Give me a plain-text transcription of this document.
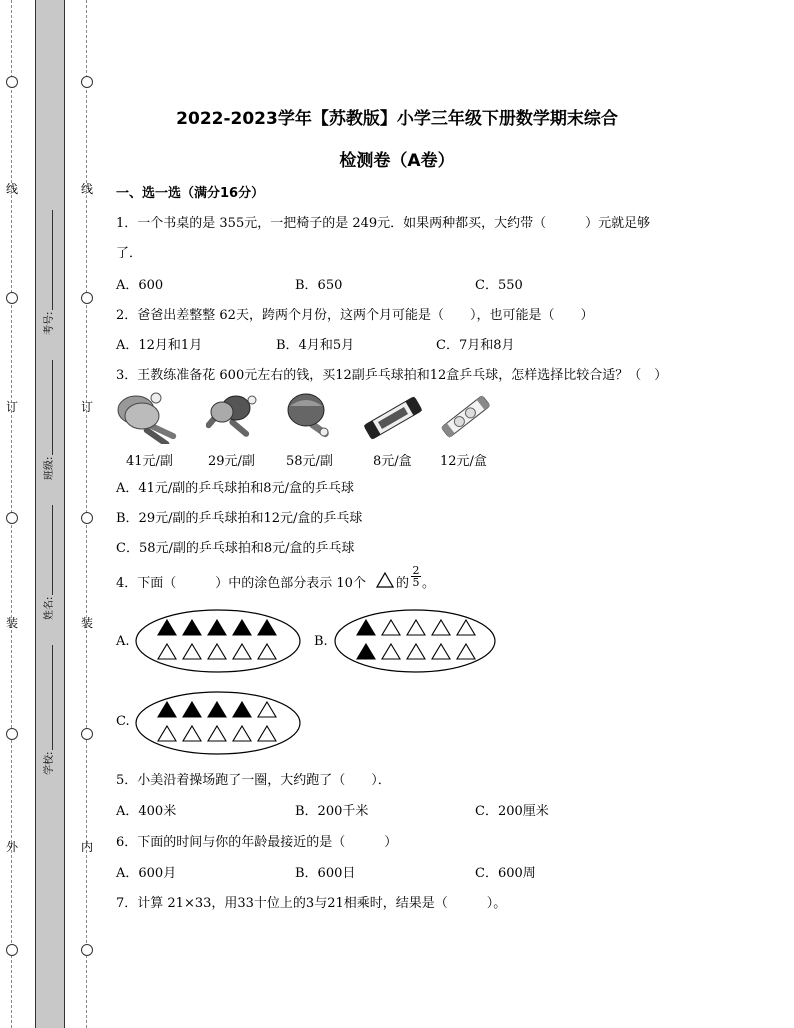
线
订
装
外
线
订
装
内
考号:
班级:
姓名:
学校:
2022-2023学年【苏教版】小学三年级下册数学期末综合
检测卷（A卷）
一、选一选（满分16分）
1．一个书桌的是 355元，一把椅子的是 249元．如果两种都买，大约带（　　　）元就足够
了．
A．600	B．650	C．550
2．爸爸出差整整 62天，跨两个月份，这两个月可能是（　　），也可能是（　　）
A．12月和1月	B．4月和5月	C．7月和8月
3．王教练准备花 600元左右的钱，买12副乒乓球拍和12盒乒乓球，怎样选择比较合适？（　）
41元/副	29元/副 58元/副	8元/盒 12元/盒
A．41元/副的乒乓球拍和8元/盒的乒乓球
B．29元/副的乒乓球拍和12元/盒的乒乓球
C．58元/副的乒乓球拍和8元/盒的乒乓球
4．下面（　　　）中的涂色部分表示 10个 的 $\frac{2}{5}$ 。
A.	B.
C.
5．小美沿着操场跑了一圈，大约跑了（　　）．
A．400米	B．200千米	C．200厘米
6．下面的时间与你的年龄最接近的是（　　　）
A．600月	B．600日	C．600周
7．计算 21×33，用33十位上的3与21相乘时，结果是（　　　）。
